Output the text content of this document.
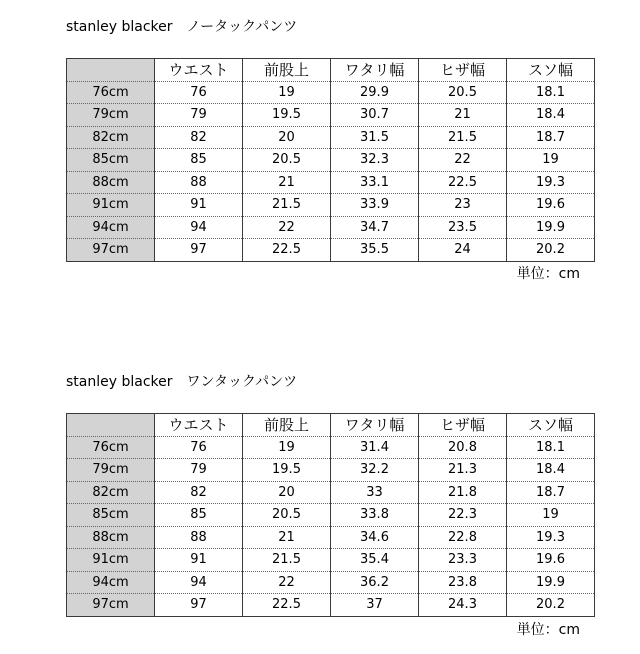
stanley blacker　ノータックパンツ
	ウエスト	前股上	ワタリ幅	ヒザ幅	スソ幅
76cm	76	19	29.9	20.5	18.1
79cm	79	19.5	30.7	21	18.4
82cm	82	20	31.5	21.5	18.7
85cm	85	20.5	32.3	22	19
88cm	88	21	33.1	22.5	19.3
91cm	91	21.5	33.9	23	19.6
94cm	94	22	34.7	23.5	19.9
97cm	97	22.5	35.5	24	20.2
単位：cm
stanley blacker　ワンタックパンツ
	ウエスト	前股上	ワタリ幅	ヒザ幅	スソ幅
76cm	76	19	31.4	20.8	18.1
79cm	79	19.5	32.2	21.3	18.4
82cm	82	20	33	21.8	18.7
85cm	85	20.5	33.8	22.3	19
88cm	88	21	34.6	22.8	19.3
91cm	91	21.5	35.4	23.3	19.6
94cm	94	22	36.2	23.8	19.9
97cm	97	22.5	37	24.3	20.2
単位：cm
